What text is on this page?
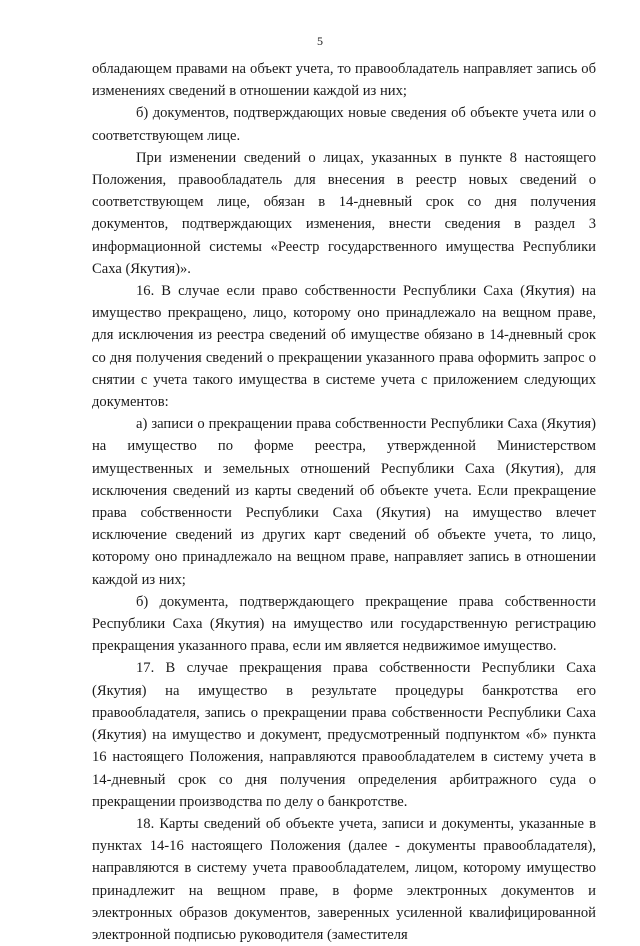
5

обладающем правами на объект учета, то правообладатель направляет запись об изменениях сведений в отношении каждой из них;

б) документов, подтверждающих новые сведения об объекте учета или о соответствующем лице.

При изменении сведений о лицах, указанных в пункте 8 настоящего Положения, правообладатель для внесения в реестр новых сведений о соответствующем лице, обязан в 14-дневный срок со дня получения документов, подтверждающих изменения, внести сведения в раздел 3 информационной системы «Реестр государственного имущества Республики Саха (Якутия)».

16. В случае если право собственности Республики Саха (Якутия) на имущество прекращено, лицо, которому оно принадлежало на вещном праве, для исключения из реестра сведений об имуществе обязано в 14-дневный срок со дня получения сведений о прекращении указанного права оформить запрос о снятии с учета такого имущества в системе учета с приложением следующих документов:

а) записи о прекращении права собственности Республики Саха (Якутия) на имущество по форме реестра, утвержденной Министерством имущественных и земельных отношений Республики Саха (Якутия), для исключения сведений из карты сведений об объекте учета. Если прекращение права собственности Республики Саха (Якутия) на имущество влечет исключение сведений из других карт сведений об объекте учета, то лицо, которому оно принадлежало на вещном праве, направляет запись в отношении каждой из них;

б) документа, подтверждающего прекращение права собственности Республики Саха (Якутия) на имущество или государственную регистрацию прекращения указанного права, если им является недвижимое имущество.

17. В случае прекращения права собственности Республики Саха (Якутия) на имущество в результате процедуры банкротства его правообладателя, запись о прекращении права собственности Республики Саха (Якутия) на имущество и документ, предусмотренный подпунктом «б» пункта 16 настоящего Положения, направляются правообладателем в систему учета в 14-дневный срок со дня получения определения арбитражного суда о прекращении производства по делу о банкротстве.

18. Карты сведений об объекте учета, записи и документы, указанные в пунктах 14-16 настоящего Положения (далее - документы правообладателя), направляются в систему учета правообладателем, лицом, которому имущество принадлежит на вещном праве, в форме электронных документов и электронных образов документов, заверенных усиленной квалифицированной электронной подписью руководителя (заместителя
